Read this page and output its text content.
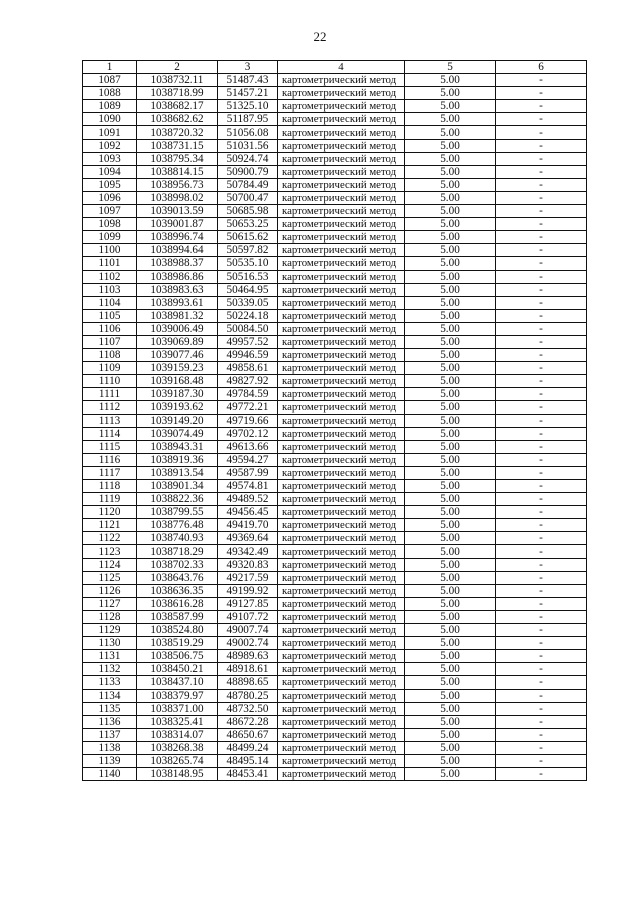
22
1	2	3	4	5	6
1087	1038732.11	51487.43	картометрический метод	5.00	-
1088	1038718.99	51457.21	картометрический метод	5.00	-
1089	1038682.17	51325.10	картометрический метод	5.00	-
1090	1038682.62	51187.95	картометрический метод	5.00	-
1091	1038720.32	51056.08	картометрический метод	5.00	-
1092	1038731.15	51031.56	картометрический метод	5.00	-
1093	1038795.34	50924.74	картометрический метод	5.00	-
1094	1038814.15	50900.79	картометрический метод	5.00	-
1095	1038956.73	50784.49	картометрический метод	5.00	-
1096	1038998.02	50700.47	картометрический метод	5.00	-
1097	1039013.59	50685.98	картометрический метод	5.00	-
1098	1039001.87	50653.25	картометрический метод	5.00	-
1099	1038996.74	50615.62	картометрический метод	5.00	-
1100	1038994.64	50597.82	картометрический метод	5.00	-
1101	1038988.37	50535.10	картометрический метод	5.00	-
1102	1038986.86	50516.53	картометрический метод	5.00	-
1103	1038983.63	50464.95	картометрический метод	5.00	-
1104	1038993.61	50339.05	картометрический метод	5.00	-
1105	1038981.32	50224.18	картометрический метод	5.00	-
1106	1039006.49	50084.50	картометрический метод	5.00	-
1107	1039069.89	49957.52	картометрический метод	5.00	-
1108	1039077.46	49946.59	картометрический метод	5.00	-
1109	1039159.23	49858.61	картометрический метод	5.00	-
1110	1039168.48	49827.92	картометрический метод	5.00	-
1111	1039187.30	49784.59	картометрический метод	5.00	-
1112	1039193.62	49772.21	картометрический метод	5.00	-
1113	1039149.20	49719.66	картометрический метод	5.00	-
1114	1039074.49	49702.12	картометрический метод	5.00	-
1115	1038943.31	49613.66	картометрический метод	5.00	-
1116	1038919.36	49594.27	картометрический метод	5.00	-
1117	1038913.54	49587.99	картометрический метод	5.00	-
1118	1038901.34	49574.81	картометрический метод	5.00	-
1119	1038822.36	49489.52	картометрический метод	5.00	-
1120	1038799.55	49456.45	картометрический метод	5.00	-
1121	1038776.48	49419.70	картометрический метод	5.00	-
1122	1038740.93	49369.64	картометрический метод	5.00	-
1123	1038718.29	49342.49	картометрический метод	5.00	-
1124	1038702.33	49320.83	картометрический метод	5.00	-
1125	1038643.76	49217.59	картометрический метод	5.00	-
1126	1038636.35	49199.92	картометрический метод	5.00	-
1127	1038616.28	49127.85	картометрический метод	5.00	-
1128	1038587.99	49107.72	картометрический метод	5.00	-
1129	1038524.80	49007.74	картометрический метод	5.00	-
1130	1038519.29	49002.74	картометрический метод	5.00	-
1131	1038506.75	48989.63	картометрический метод	5.00	-
1132	1038450.21	48918.61	картометрический метод	5.00	-
1133	1038437.10	48898.65	картометрический метод	5.00	-
1134	1038379.97	48780.25	картометрический метод	5.00	-
1135	1038371.00	48732.50	картометрический метод	5.00	-
1136	1038325.41	48672.28	картометрический метод	5.00	-
1137	1038314.07	48650.67	картометрический метод	5.00	-
1138	1038268.38	48499.24	картометрический метод	5.00	-
1139	1038265.74	48495.14	картометрический метод	5.00	-
1140	1038148.95	48453.41	картометрический метод	5.00	-
